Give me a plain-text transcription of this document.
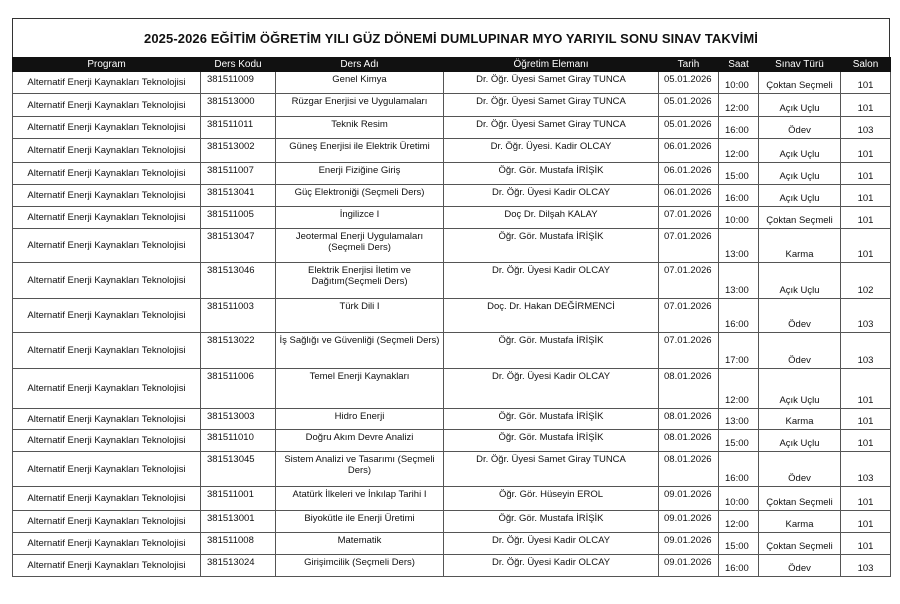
2025-2026 EĞİTİM ÖĞRETİM YILI GÜZ DÖNEMİ DUMLUPINAR MYO YARIYIL SONU SINAV TAKVİMİ
Program	Ders Kodu	Ders Adı	Öğretim Elemanı	Tarih	Saat	Sınav Türü	Salon
Alternatif Enerji Kaynakları Teknolojisi	381511009	Genel Kimya	Dr. Öğr. Üyesi Samet Giray TUNCA	05.01.2026	10:00	Çoktan Seçmeli	101
Alternatif Enerji Kaynakları Teknolojisi	381513000	Rüzgar Enerjisi ve Uygulamaları	Dr. Öğr. Üyesi Samet Giray TUNCA	05.01.2026	12:00	Açık Uçlu	101
Alternatif Enerji Kaynakları Teknolojisi	381511011	Teknik Resim	Dr. Öğr. Üyesi Samet Giray TUNCA	05.01.2026	16:00	Ödev	103
Alternatif Enerji Kaynakları Teknolojisi	381513002	Güneş Enerjisi ile Elektrik Üretimi	Dr. Öğr. Üyesi. Kadir OLCAY	06.01.2026	12:00	Açık Uçlu	101
Alternatif Enerji Kaynakları Teknolojisi	381511007	Enerji Fiziğine Giriş	Öğr. Gör. Mustafa İRİŞİK	06.01.2026	15:00	Açık Uçlu	101
Alternatif Enerji Kaynakları Teknolojisi	381513041	Güç Elektroniği (Seçmeli Ders)	Dr. Öğr. Üyesi Kadir OLCAY	06.01.2026	16:00	Açık Uçlu	101
Alternatif Enerji Kaynakları Teknolojisi	381511005	İngilizce I	Doç Dr. Dilşah KALAY	07.01.2026	10:00	Çoktan Seçmeli	101
Alternatif Enerji Kaynakları Teknolojisi	381513047	Jeotermal Enerji Uygulamaları (Seçmeli Ders)	Öğr. Gör. Mustafa İRİŞİK	07.01.2026	13:00	Karma	101
Alternatif Enerji Kaynakları Teknolojisi	381513046	Elektrik Enerjisi İletim ve Dağıtım(Seçmeli Ders)	Dr. Öğr. Üyesi Kadir OLCAY	07.01.2026	13:00	Açık Uçlu	102
Alternatif Enerji Kaynakları Teknolojisi	381511003	Türk Dili I	Doç. Dr. Hakan DEĞİRMENCİ	07.01.2026	16:00	Ödev	103
Alternatif Enerji Kaynakları Teknolojisi	381513022	İş Sağlığı ve Güvenliği (Seçmeli Ders)	Öğr. Gör. Mustafa İRİŞİK	07.01.2026	17:00	Ödev	103
Alternatif Enerji Kaynakları Teknolojisi	381511006	Temel Enerji Kaynakları	Dr. Öğr. Üyesi Kadir OLCAY	08.01.2026	12:00	Açık Uçlu	101
Alternatif Enerji Kaynakları Teknolojisi	381513003	Hidro Enerji	Öğr. Gör. Mustafa İRİŞİK	08.01.2026	13:00	Karma	101
Alternatif Enerji Kaynakları Teknolojisi	381511010	Doğru Akım Devre Analizi	Öğr. Gör. Mustafa İRİŞİK	08.01.2026	15:00	Açık Uçlu	101
Alternatif Enerji Kaynakları Teknolojisi	381513045	Sistem Analizi ve Tasarımı (Seçmeli Ders)	Dr. Öğr. Üyesi Samet Giray TUNCA	08.01.2026	16:00	Ödev	103
Alternatif Enerji Kaynakları Teknolojisi	381511001	Atatürk İlkeleri ve İnkılap Tarihi I	Öğr. Gör. Hüseyin EROL	09.01.2026	10:00	Çoktan Seçmeli	101
Alternatif Enerji Kaynakları Teknolojisi	381513001	Biyokütle ile Enerji Üretimi	Öğr. Gör. Mustafa İRİŞİK	09.01.2026	12:00	Karma	101
Alternatif Enerji Kaynakları Teknolojisi	381511008	Matematik	Dr. Öğr. Üyesi Kadir OLCAY	09.01.2026	15:00	Çoktan Seçmeli	101
Alternatif Enerji Kaynakları Teknolojisi	381513024	Girişimcilik (Seçmeli Ders)	Dr. Öğr. Üyesi Kadir OLCAY	09.01.2026	16:00	Ödev	103
